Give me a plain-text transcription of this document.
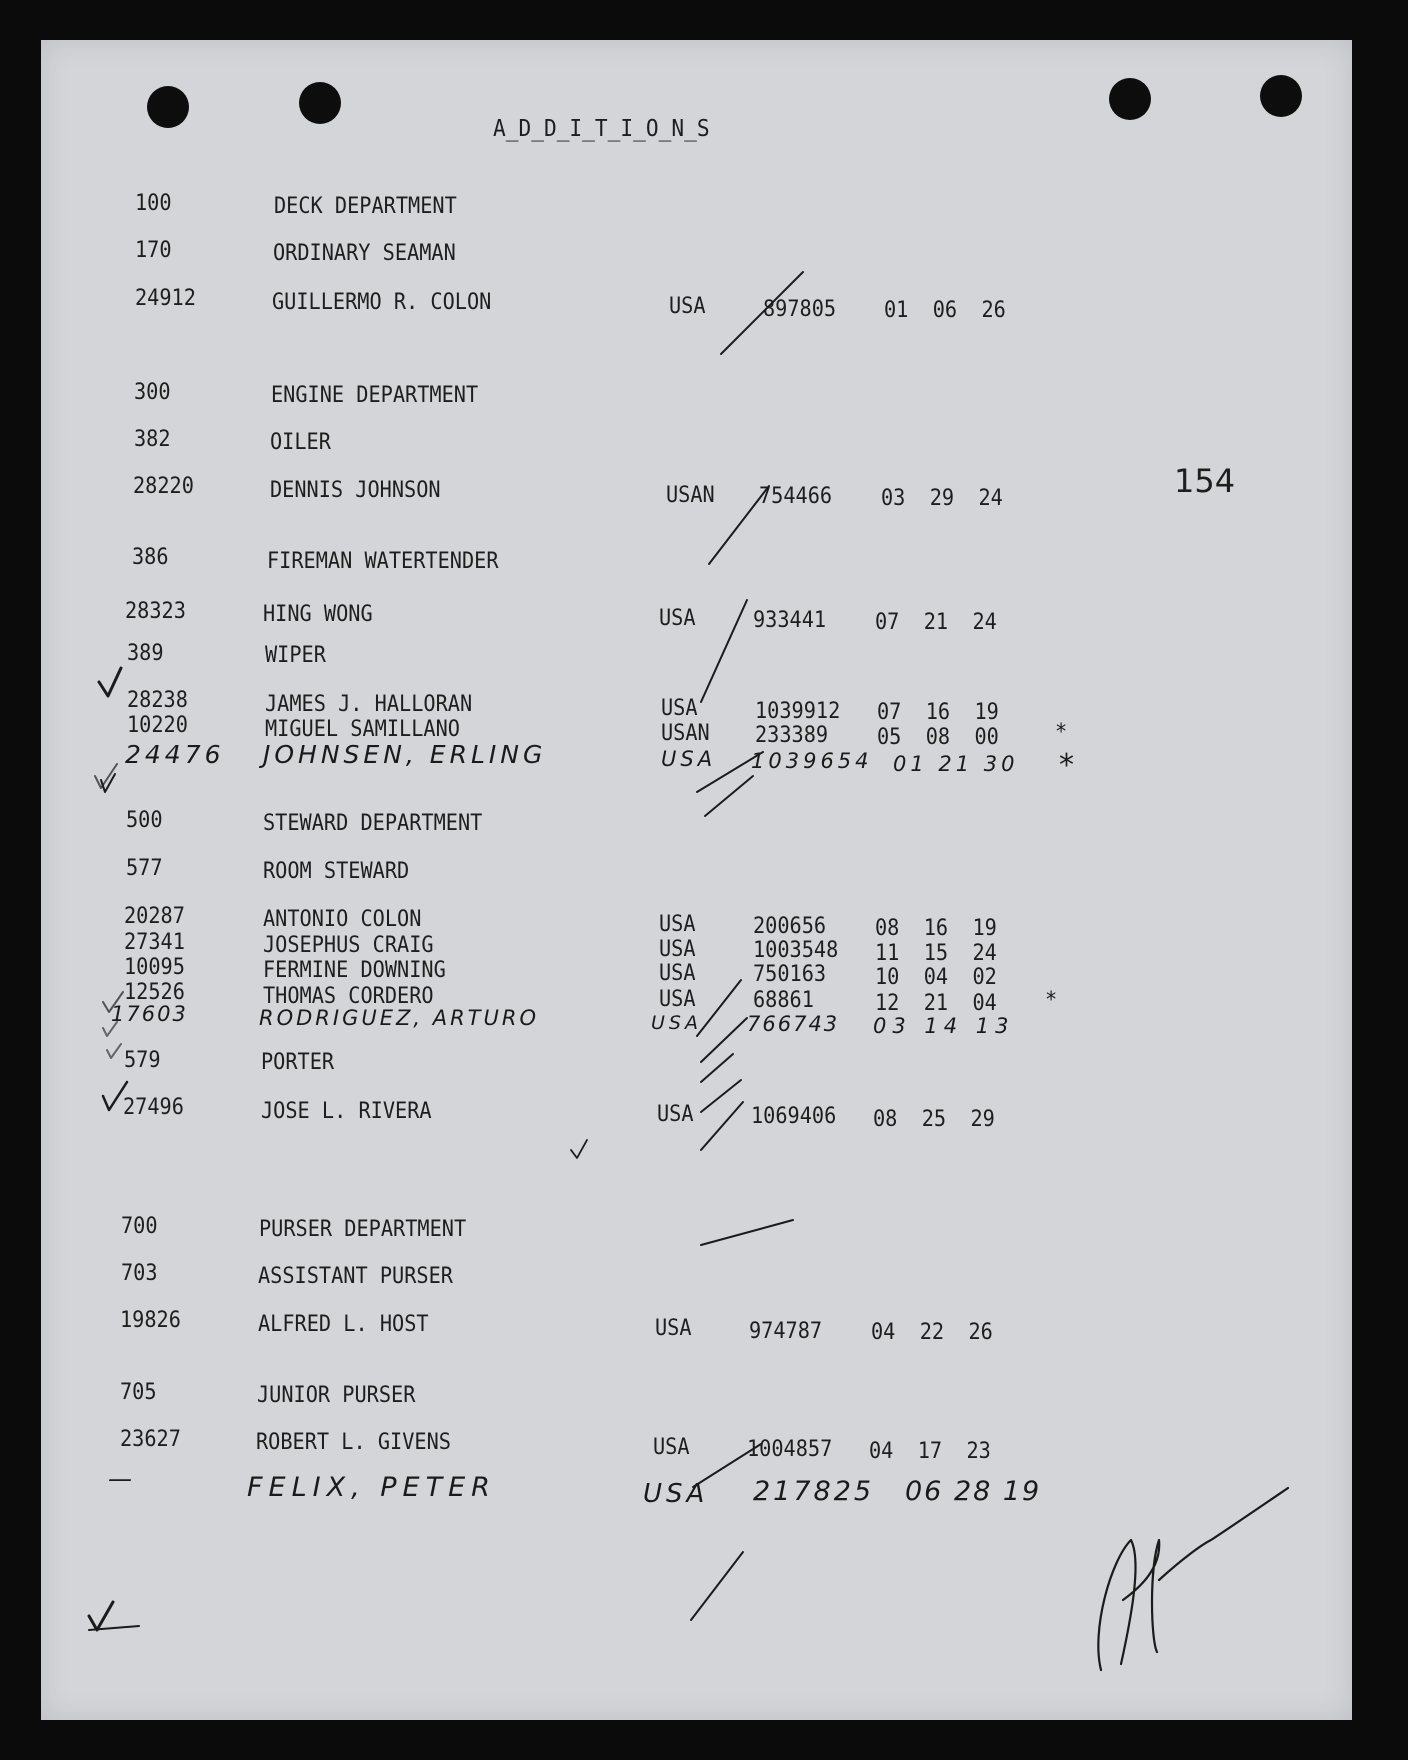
A_D_D_I_T_I_O_N_S
154
100	DECK DEPARTMENT
170	ORDINARY SEAMAN
24912	GUILLERMO R. COLON	USA	897805 01  06  26
300	ENGINE DEPARTMENT
382	OILER
28220	DENNIS JOHNSON	USAN 754466 03  29  24
386	FIREMAN WATERTENDER
28323	HING WONG	USA	933441 07  21  24
389	WIPER
28238	JAMES J. HALLORAN	USA	1039912 07  16  19
10220	MIGUEL SAMILLANO	USAN 233389 05  08  00	*
24476 JOHNSEN, ERLING	USA 1039654 01 21 30 *
500	STEWARD DEPARTMENT
577	ROOM STEWARD
20287	ANTONIO COLON	USA	200656 08  16  19
27341	JOSEPHUS CRAIG	USA	1003548 11  15  24
10095	FERMINE DOWNING	USA	750163 10  04  02
12526	THOMAS CORDERO	USA	68861	12  21  04 *
17603	RODRIGUEZ, ARTURO	USA 766743 03 14 13
579	PORTER
27496	JOSE L. RIVERA	USA	1069406 08  25  29
700	PURSER DEPARTMENT
703	ASSISTANT PURSER
19826	ALFRED L. HOST	USA	974787 04  22  26
705	JUNIOR PURSER
23627	ROBERT L. GIVENS	USA	1004857 04  17  23
—	FELIX, PETER	USA 217825 06 28 19
